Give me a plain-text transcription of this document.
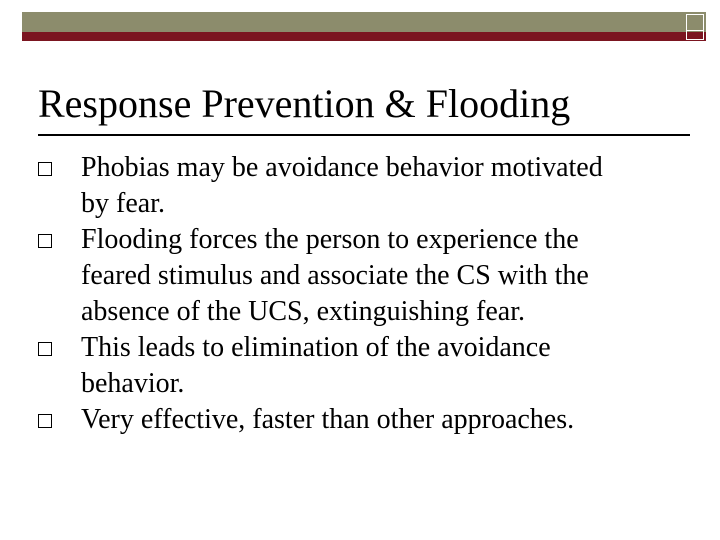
Response Prevention & Flooding
Phobias may be avoidance behavior motivated
by fear.
Flooding forces the person to experience the
feared stimulus and associate the CS with the
absence of the UCS, extinguishing fear.
This leads to elimination of the avoidance
behavior.
Very effective, faster than other approaches.
